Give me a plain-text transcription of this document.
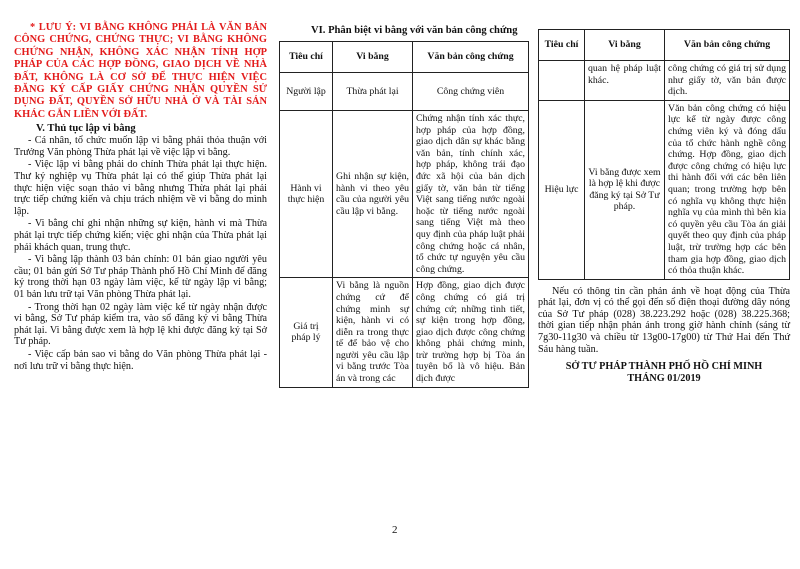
* LƯU Ý: VI BẰNG KHÔNG PHẢI LÀ VĂN BẢN CÔNG CHỨNG, CHỨNG THỰC; VI BẰNG KHÔNG CHỨNG NHẬN, KHÔNG XÁC NHẬN TÍNH HỢP PHÁP CỦA CÁC HỢP ĐỒNG, GIAO DỊCH VỀ NHÀ ĐẤT, KHÔNG LÀ CƠ SỞ ĐỂ THỰC HIỆN VIỆC ĐĂNG KÝ CẤP GIẤY CHỨNG NHẬN QUYỀN SỬ DỤNG ĐẤT, QUYỀN SỞ HỮU NHÀ Ở VÀ TÀI SẢN KHÁC GẮN LIỀN VỚI ĐẤT.

V. Thủ tục lập vi bằng

- Cá nhân, tổ chức muốn lập vi bằng phải thỏa thuận với Trưởng Văn phòng Thừa phát lại về việc lập vi bằng.

- Việc lập vi bằng phải do chính Thừa phát lại thực hiện. Thư ký nghiệp vụ Thừa phát lại có thể giúp Thừa phát lại thực hiện việc soạn thảo vi bằng nhưng Thừa phát lại phải trực tiếp chứng kiến và chịu trách nhiệm về vi bằng do mình lập.

- Vi bằng chỉ ghi nhận những sự kiện, hành vi mà Thừa phát lại trực tiếp chứng kiến; việc ghi nhận của Thừa phát lại phải khách quan, trung thực.

- Vi bằng lập thành 03 bản chính: 01 bản giao người yêu cầu; 01 bản gửi Sở Tư pháp Thành phố Hồ Chí Minh để đăng ký trong thời hạn 03 ngày làm việc, kể từ ngày lập vi bằng; 01 bản lưu trữ tại Văn phòng Thừa phát lại.

- Trong thời hạn 02 ngày làm việc kể từ ngày nhận được vi bằng, Sở Tư pháp kiểm tra, vào sổ đăng ký vi bằng Thừa phát lại. Vi bằng được xem là hợp lệ khi được đăng ký tại Sở Tư pháp.

- Việc cấp bản sao vi bằng do Văn phòng Thừa phát lại - nơi lưu trữ vi bằng thực hiện.

VI. Phân biệt vi bằng với văn bản công chứng
Tiêu chí	Vi bằng	Văn bản công chứng
Người lập	Thừa phát lại	Công chứng viên
Hành vi thực hiện	Ghi nhận sự kiện, hành vi theo yêu cầu của người yêu cầu lập vi bằng.	Chứng nhận tính xác thực, hợp pháp của hợp đồng, giao dịch dân sự khác bằng văn bản, tính chính xác, hợp pháp, không trái đạo đức xã hội của bản dịch giấy tờ, văn bản từ tiếng Việt sang tiếng nước ngoài hoặc từ tiếng nước ngoài sang tiếng Việt mà theo quy định của pháp luật phải công chứng hoặc cá nhân, tổ chức tự nguyện yêu cầu công chứng.
Giá trị pháp lý	Vi bằng là nguồn chứng cứ để chứng minh sự kiện, hành vi có diễn ra trong thực tế để bảo vệ cho người yêu cầu lập vi bằng trước Tòa án và trong các	Hợp đồng, giao dịch được công chứng có giá trị chứng cứ; những tình tiết, sự kiện trong hợp đồng, giao dịch được công chứng không phải chứng minh, trừ trường hợp bị Tòa án tuyên bố là vô hiệu. Bản dịch được
2
Tiêu chí	Vi bằng	Văn bản công chứng
	quan hệ pháp luật khác.	công chứng có giá trị sử dụng như giấy tờ, văn bản được dịch.
Hiệu lực	Vi bằng được xem là hợp lệ khi được đăng ký tại Sở Tư pháp.	Văn bản công chứng có hiệu lực kể từ ngày được công chứng viên ký và đóng dấu của tổ chức hành nghề công chứng. Hợp đồng, giao dịch được công chứng có hiệu lực thi hành đối với các bên liên quan; trong trường hợp bên có nghĩa vụ không thực hiện nghĩa vụ của mình thì bên kia có quyền yêu cầu Tòa án giải quyết theo quy định của pháp luật, trừ trường hợp các bên tham gia hợp đồng, giao dịch có thỏa thuận khác.

Nếu có thông tin cần phản ánh về hoạt động của Thừa phát lại, đơn vị có thể gọi đến số điện thoại đường dây nóng của Sở Tư pháp (028) 38.223.292 hoặc (028) 38.225.368; thời gian tiếp nhận phản ánh trong giờ hành chính (sáng từ 7g30-11g30 và chiều từ 13g00-17g00) từ Thứ Hai đến Thứ Sáu hàng tuần.

SỞ TƯ PHÁP THÀNH PHỐ HỒ CHÍ MINH
THÁNG 01/2019
